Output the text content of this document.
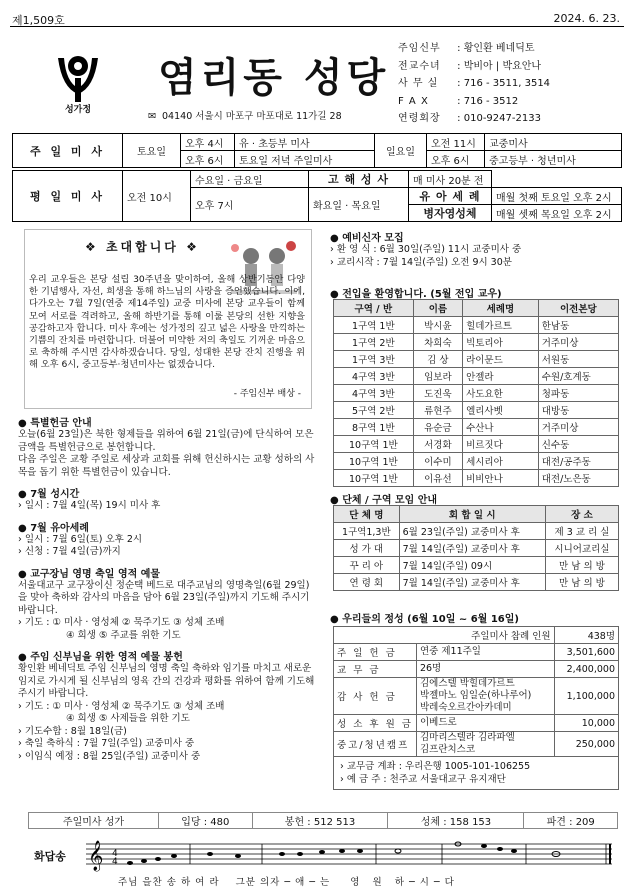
제1,509호	2024. 6. 23.
성가정
염리동 성당
✉ 04140 서울시 마포구 마포대로 11가길 28
주임신부 : 황인환 베네딕토
전교수녀 : 박비아 | 박요안나
사 무 실 : 716 - 3511, 3514
F A X	: 716 - 3512
연령회장 : 010-9247-2133
주 일 미 사	토요일	오후 4시	유 · 초등부 미사	일요일	오전 11시	교중미사
		오후 6시	토요일 저녁 주일미사		오후 6시	중고등부 · 청년미사
평 일 미 사	오전 10시	수요일 · 금요일	고 해 성 사	매 미사 20분 전	
		오후 7시	화요일 · 목요일	유 아 세 례	매월 첫째 토요일 오후 2시
				병자영성체	매월 셋째 목요일 오후 2시
❖ 초대합니다 ❖
우리 교우들은 본당 설립 30주년을 맞이하여, 올해 상반기동안 다양한 기념행사, 자선, 희생을 통해 하느님의 사랑을 증언했습니다. 이에, 다가오는 7월 7일(연중 제14주일) 교중 미사에 본당 교우들이 함께 모여 서로를 격려하고, 올해 하반기를 통해 이룰 본당의 선한 지향을 공감하고자 합니다. 미사 후에는 성가정의 깊고 넓은 사랑을 만끽하는 기쁨의 잔치를 마련합니다. 더불어 미약한 저의 축일도 기꺼운 마음으로 축하해 주시면 감사하겠습니다. 당일, 성대한 본당 잔치 진행을 위해 오후 6시, 중고등부·청년미사는 없겠습니다.
- 주임신부 배상 -
● 특별헌금 안내
오늘(6월 23일)은 북한 형제들을 위하여 6월 21일(금)에 단식하여 모은 금액을 특별헌금으로 봉헌합니다.
다음 주일은 교황 주일로 세상과 교회를 위해 헌신하시는 교황 성하의 사목을 돕기 위한 특별헌금이 있습니다.
● 7월 성시간
› 일시 : 7월 4일(목) 19시 미사 후
● 7월 유아세례
› 일시 : 7월 6일(토) 오후 2시
› 신청 : 7월 4일(금)까지
● 교구장님 영명 축일 영적 예물
서울대교구 교구장이신 정순택 베드로 대주교님의 영명축일(6월 29일)을 맞아 축하와 감사의 마음을 담아 6월 23일(주일)까지 기도해 주시기 바랍니다.
› 기도 : ① 미사 · 영성체 ② 묵주기도 ③ 성체 조배
④ 희생 ⑤ 주교를 위한 기도
● 주임 신부님을 위한 영적 예물 봉헌
황인환 베네딕토 주임 신부님의 영명 축일 축하와 임기를 마치고 새로운 임지로 가시게 될 신부님의 영육 간의 건강과 평화를 위하여 함께 기도해 주시기 바랍니다.
› 기도 : ① 미사 · 영성체 ② 묵주기도 ③ 성체 조배
④ 희생 ⑤ 사제들을 위한 기도
› 기도수합 : 8월 18일(금)
› 축일 축하식 : 7월 7일(주일) 교중미사 중
› 이임식 예정 : 8월 25일(주일) 교중미사 중
● 예비신자 모집
› 환 영 식 : 6월 30일(주일) 11시 교중미사 중
› 교리시작 : 7월 14일(주일) 오전 9시 30분
● 전입을 환영합니다. (5월 전입 교우)
구역 / 반	이름	세례명	이전본당
1구역 1반	박시윤	힐데가르트	한남동
1구역 2반	차희숙	빅토리아	거주미상
1구역 3반	김 상	라이문드	서원동
4구역 3반	임보라	안젤라	수원/호계동
4구역 3반	도진욱	사도요한	청파동
5구역 2반	류현주	엘리사벳	대방동
8구역 1반	유순금	수산나	거주미상
10구역 1반	서경화	비르짓다	신수동
10구역 1반	이수미	세시리아	대전/공주동
10구역 1반	이유선	비비안나	대전/노은동
● 단체 / 구역 모임 안내
단 체 명	회 합 일 시	장 소
1구역1,3반	6월 23일(주일) 교중미사 후	제 3 교 리 실
성 가 대	7월 14일(주일) 교중미사 후	시니어교리실
꾸 리 아	7월 14일(주일) 09시	만 남 의 방
연 령 회	7월 14일(주일) 교중미사 후	만 남 의 방
● 우리들의 정성 (6월 10일 ~ 6월 16일)
주일미사 참례 인원		438명
주 일 헌 금	연중 제11주일	3,501,600
교 무 금	26명	2,400,000
감 사 헌 금	김에스텔 박힐데가르트
박젤마노 임일순(하나루어)
박레숙오르간아카데미	1,100,000
성 소 후 원 금	이베드로	10,000
중고/청년캠프	김마리스텔라 김라파엘
김프란치스코	250,000

› 교무금 계좌 : 우리은행 1005-101-106255
› 예 금 주 : 천주교 서울대교구 유지재단		
주일미사 성가	입당 : 480	봉헌 : 512 513	성체 : 158 153	파견 : 209
화답송 𝄞 4
4
주님 을찬 송 하 여 라    그분 의자 ─ 애 ─ 는     영   원   하 ─ 시 ─ 다
